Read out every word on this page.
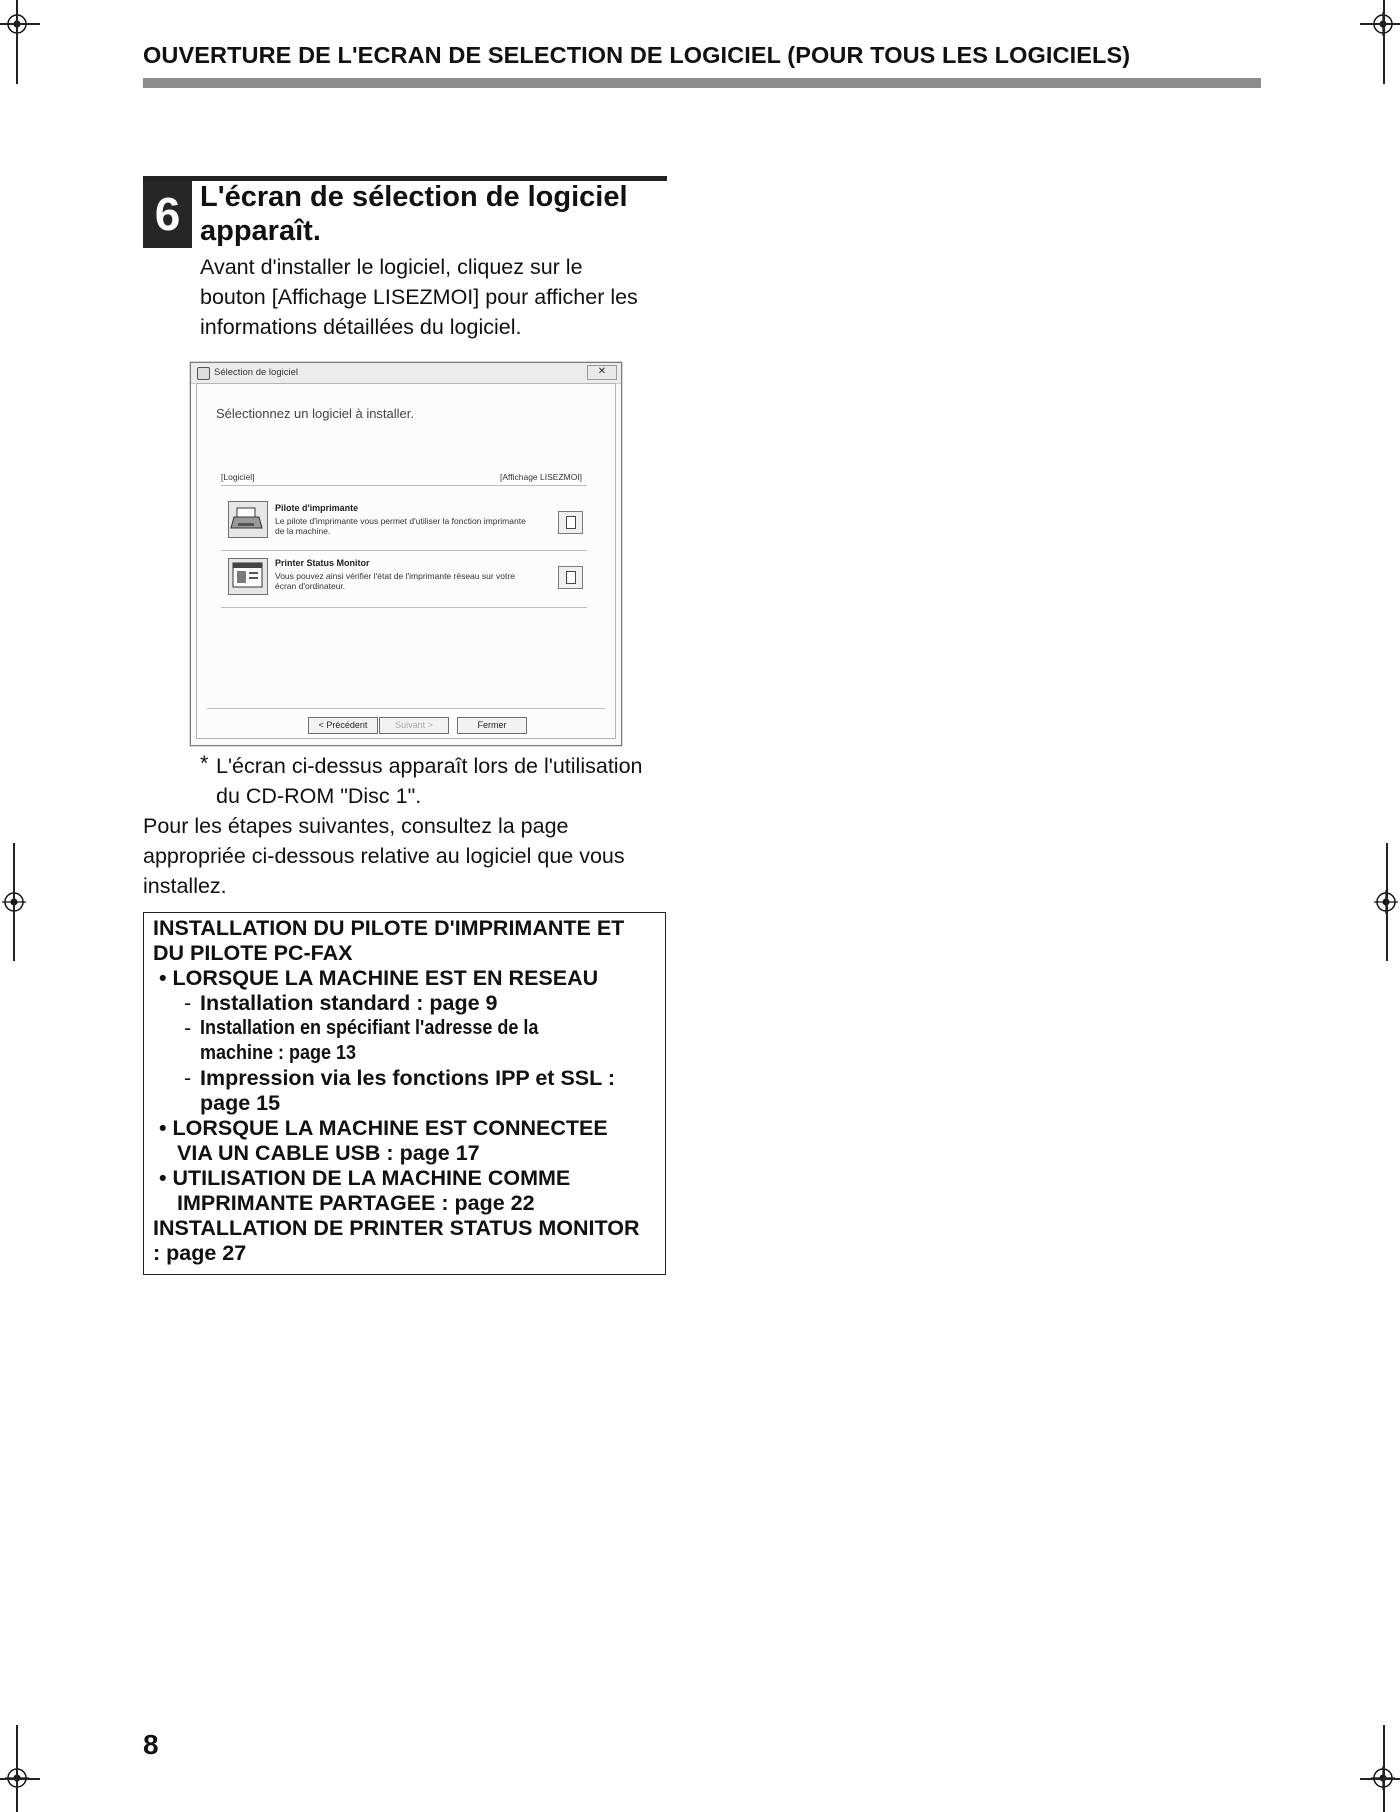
OUVERTURE DE L'ECRAN DE SELECTION DE LOGICIEL (POUR TOUS LES LOGICIELS)
6 L'écran de sélection de logiciel
apparaît.
Avant d'installer le logiciel, cliquez sur le
bouton [Affichage LISEZMOI] pour afficher les
informations détaillées du logiciel.
Sélection de logiciel	✕
Sélectionnez un logiciel à installer.
[Logiciel]	[Affichage LISEZMOI]
Pilote d'imprimante
Le pilote d'imprimante vous permet d'utiliser la fonction imprimante
de la machine.
Printer Status Monitor
Vous pouvez ainsi vérifier l'état de l'imprimante réseau sur votre
écran d'ordinateur.
< Précédent	Suivant >	Fermer
* L'écran ci-dessus apparaît lors de l'utilisation
du CD-ROM "Disc 1".
Pour les étapes suivantes, consultez la page
appropriée ci-dessous relative au logiciel que vous
installez.
INSTALLATION DU PILOTE D'IMPRIMANTE ET
DU PILOTE PC-FAX
• LORSQUE LA MACHINE EST EN RESEAU
- Installation standard : page 9
- Installation en spécifiant l'adresse de la
machine : page 13
- Impression via les fonctions IPP et SSL :
page 15
• LORSQUE LA MACHINE EST CONNECTEE
VIA UN CABLE USB : page 17
• UTILISATION DE LA MACHINE COMME
IMPRIMANTE PARTAGEE : page 22
INSTALLATION DE PRINTER STATUS MONITOR
: page 27
8
